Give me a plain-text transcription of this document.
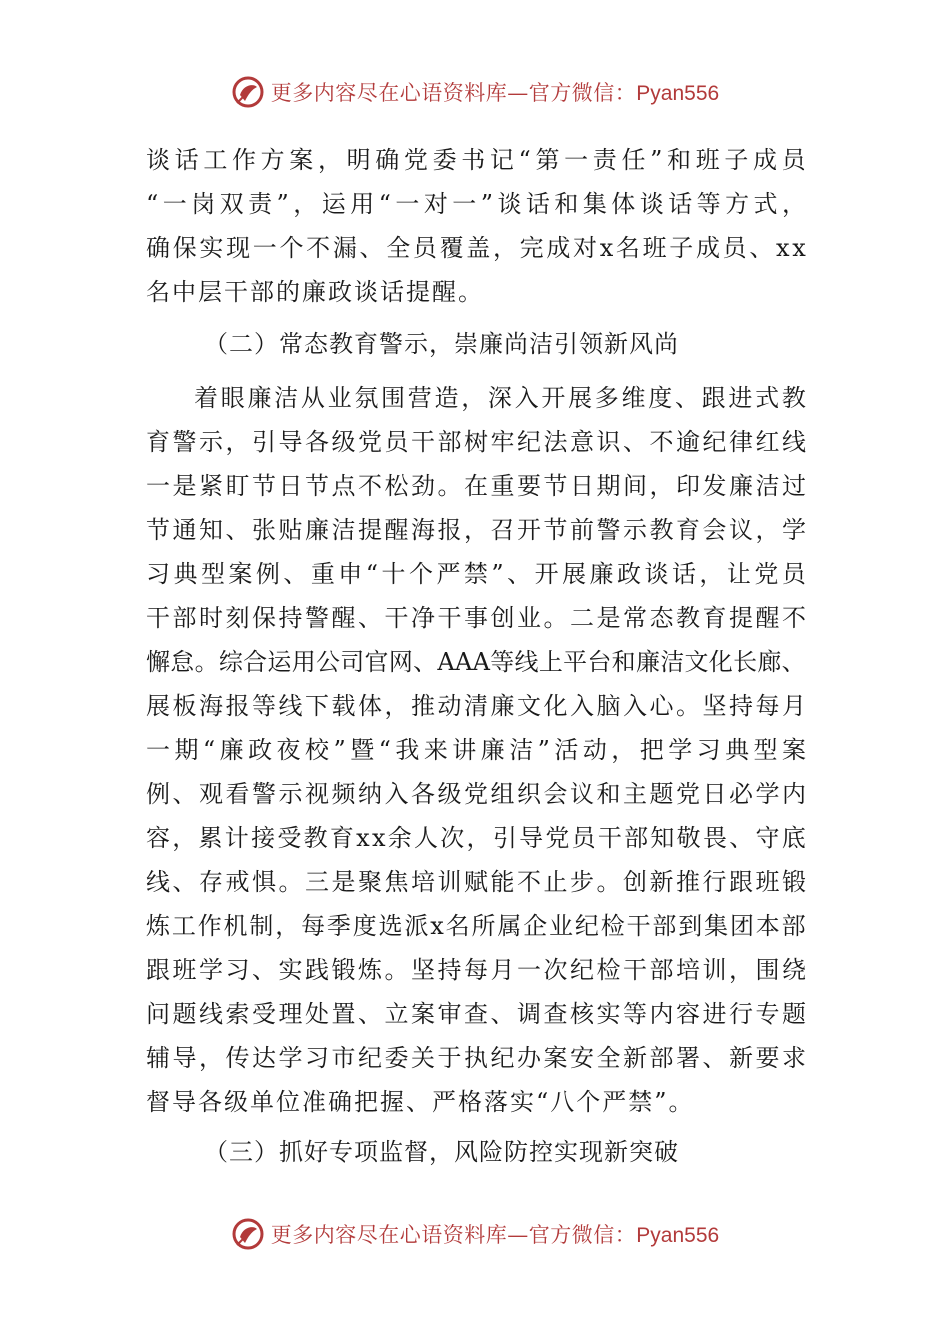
更多内容尽在心语资料库—官方微信：Pyan556
谈 话 工 作 方 案 ， 明 确 党 委 书 记 “ 第 一 责 任 ” 和 班 子 成 员
“ 一 岗 双 责 ” ， 运 用 “ 一 对 一 ” 谈 话 和 集 体 谈 话 等 方 式 ，
确 保 实 现 一 个 不 漏 、 全 员 覆 盖 ， 完 成 对 x 名 班 子 成 员 、 x x
名中层干部的廉政谈话提醒。
（二）常态教育警示，崇廉尚洁引领新风尚
着 眼 廉 洁 从 业 氛 围 营 造 ， 深 入 开 展 多 维 度 、 跟 进 式 教
育 警 示 ， 引 导 各 级 党 员 干 部 树 牢 纪 法 意 识 、 不 逾 纪 律 红 线
一 是 紧 盯 节 日 节 点 不 松 劲 。 在 重 要 节 日 期 间 ， 印 发 廉 洁 过
节 通 知 、 张 贴 廉 洁 提 醒 海 报 ， 召 开 节 前 警 示 教 育 会 议 ， 学
习 典 型 案 例 、 重 申 “ 十 个 严 禁 ” 、 开 展 廉 政 谈 话 ， 让 党 员
干 部 时 刻 保 持 警 醒 、 干 净 干 事 创 业 。 二 是 常 态 教 育 提 醒 不
懈 怠 。 综 合 运 用 公 司 官 网 、 A A A 等 线 上 平 台 和 廉 洁 文 化 长 廊 、
展 板 海 报 等 线 下 载 体 ， 推 动 清 廉 文 化 入 脑 入 心 。 坚 持 每 月
一 期 “ 廉 政 夜 校 ” 暨 “ 我 来 讲 廉 洁 ” 活 动 ， 把 学 习 典 型 案
例 、 观 看 警 示 视 频 纳 入 各 级 党 组 织 会 议 和 主 题 党 日 必 学 内
容 ， 累 计 接 受 教 育 x x 余 人 次 ， 引 导 党 员 干 部 知 敬 畏 、 守 底
线 、 存 戒 惧 。 三 是 聚 焦 培 训 赋 能 不 止 步 。 创 新 推 行 跟 班 锻
炼 工 作 机 制 ， 每 季 度 选 派 x 名 所 属 企 业 纪 检 干 部 到 集 团 本 部
跟 班 学 习 、 实 践 锻 炼 。 坚 持 每 月 一 次 纪 检 干 部 培 训 ， 围 绕
问 题 线 索 受 理 处 置 、 立 案 审 查 、 调 查 核 实 等 内 容 进 行 专 题
辅 导 ， 传 达 学 习 市 纪 委 关 于 执 纪 办 案 安 全 新 部 署 、 新 要 求
督导各级单位准确把握、严格落实“八个严禁”。
（三）抓好专项监督，风险防控实现新突破
更多内容尽在心语资料库—官方微信：Pyan556
